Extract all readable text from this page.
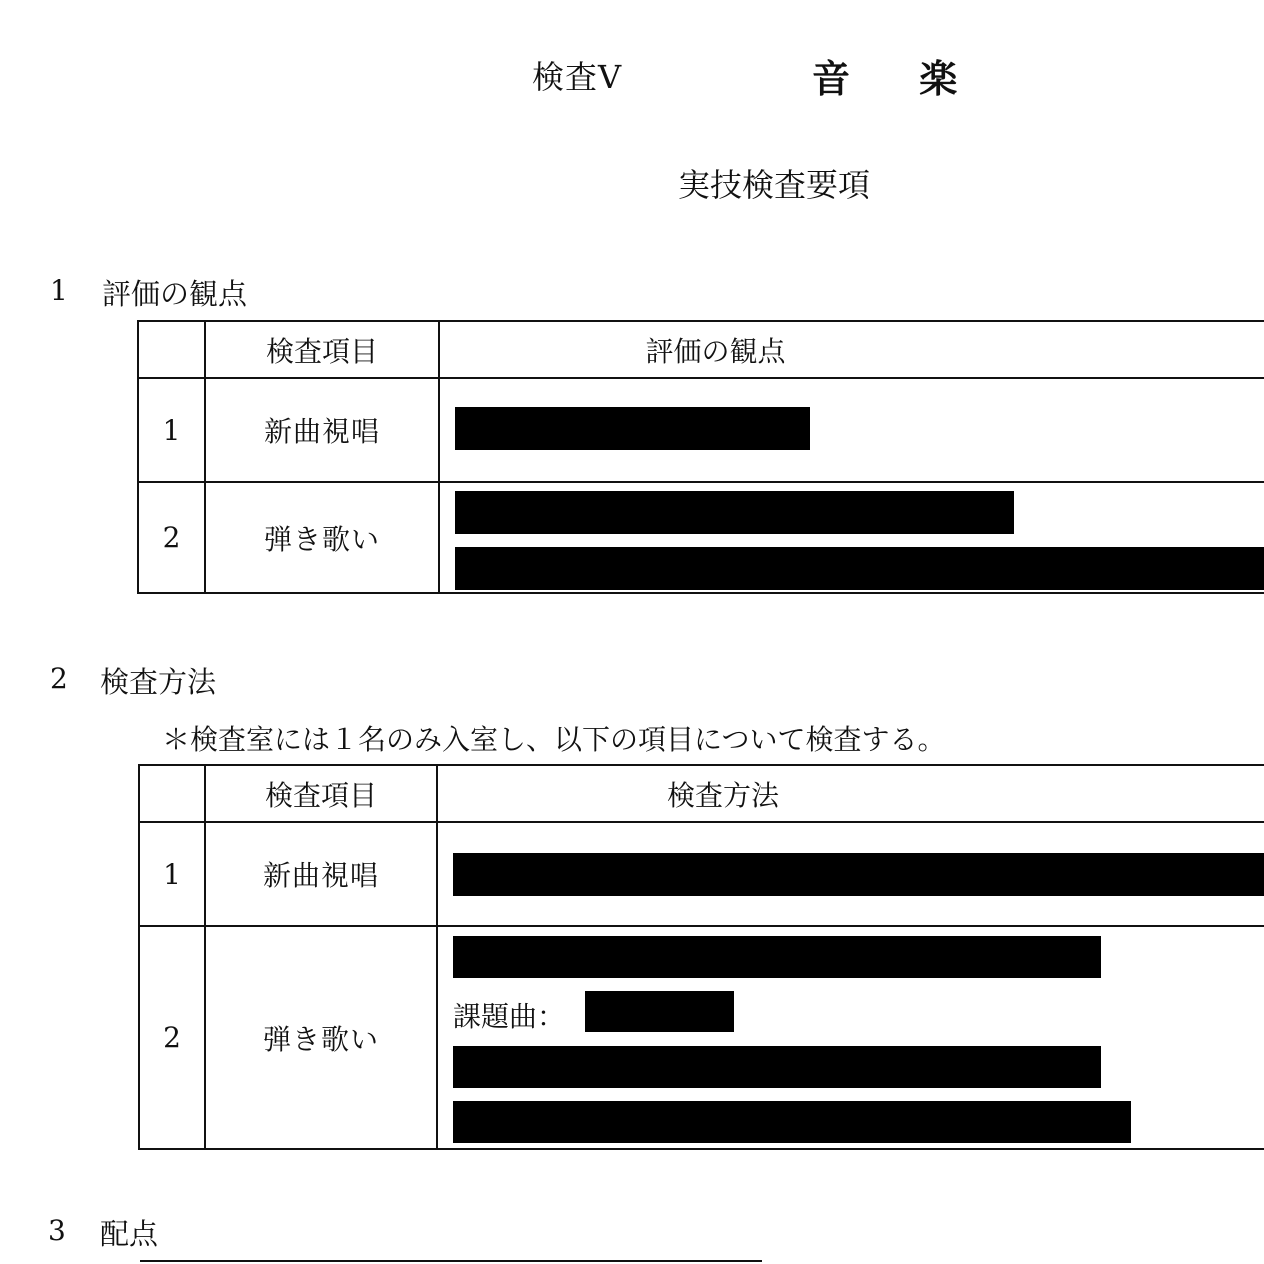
検査Ⅴ	音 楽
実技検査要項
1 評価の観点
	検査項目	評価の観点
1	新曲視唱	

2	弾き歌い	
2 検査方法
＊検査室には１名のみ入室し、以下の項目について検査する。
	検査項目	検査方法
1	新曲視唱	

2	弾き歌い	課題曲：
3 配点
